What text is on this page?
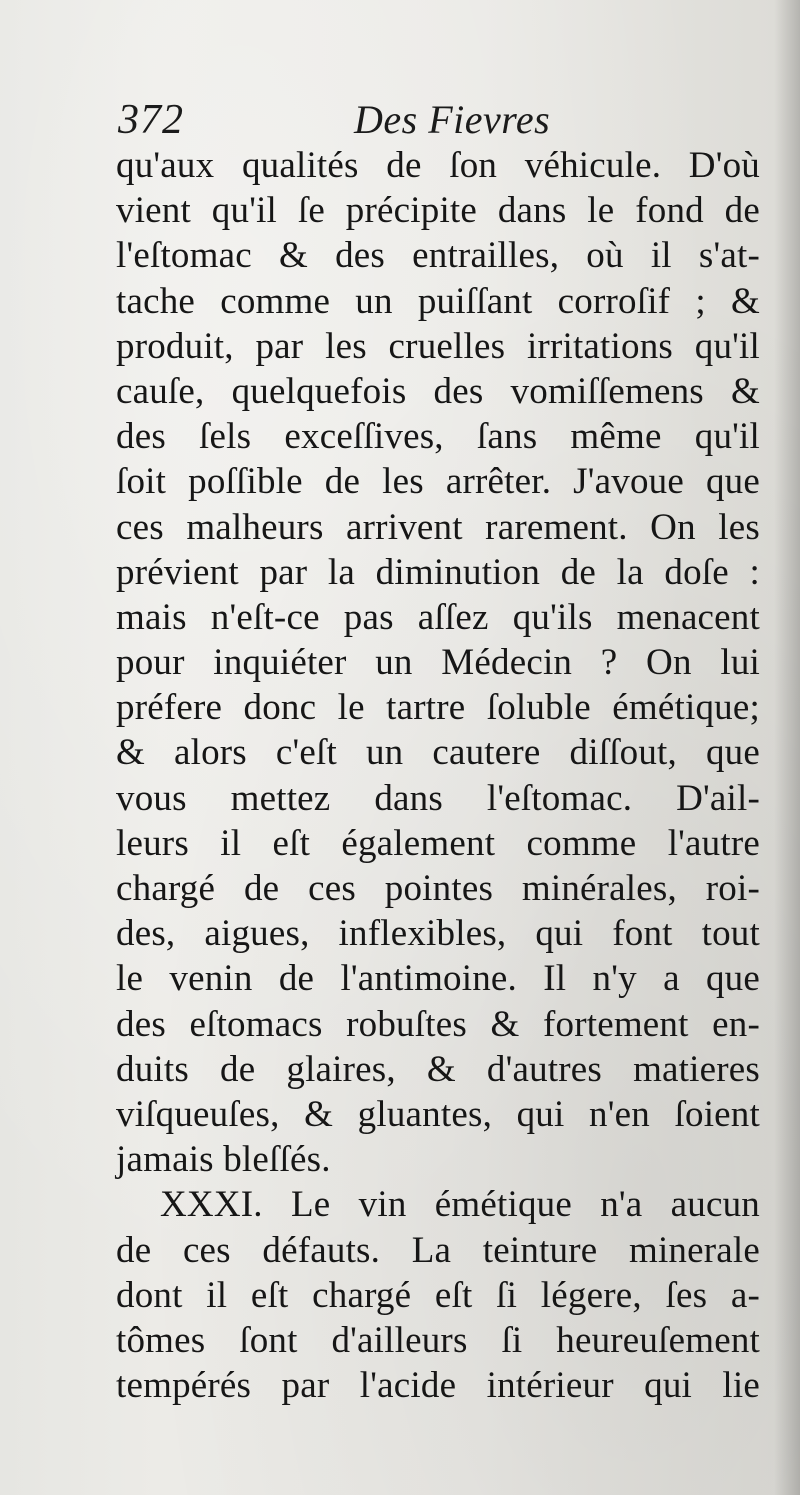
372	Des Fievres
qu'aux qualités de ſon véhicule. D'où
vient qu'il ſe précipite dans le fond de
l'eſtomac & des entrailles, où il s'at-
tache comme un puiſſant corroſif ; &
produit, par les cruelles irritations qu'il
cauſe, quelquefois des vomiſſemens &
des ſels exceſſives, ſans même qu'il
ſoit poſſible de les arrêter. J'avoue que
ces malheurs arrivent rarement. On les
prévient par la diminution de la doſe :
mais n'eſt-ce pas aſſez qu'ils menacent
pour inquiéter un Médecin ? On lui
préfere donc le tartre ſoluble émétique;
& alors c'eſt un cautere diſſout, que
vous mettez dans l'eſtomac. D'ail-
leurs il eſt également comme l'autre
chargé de ces pointes minérales, roi-
des, aigues, inflexibles, qui font tout
le venin de l'antimoine. Il n'y a que
des eſtomacs robuſtes & fortement en-
duits de glaires, & d'autres matieres
viſqueuſes, & gluantes, qui n'en ſoient
jamais bleſſés.
XXXI. Le vin émétique n'a aucun
de ces défauts. La teinture minerale
dont il eſt chargé eſt ſi légere, ſes a-
tômes ſont d'ailleurs ſi heureuſement
tempérés par l'acide intérieur qui lie
